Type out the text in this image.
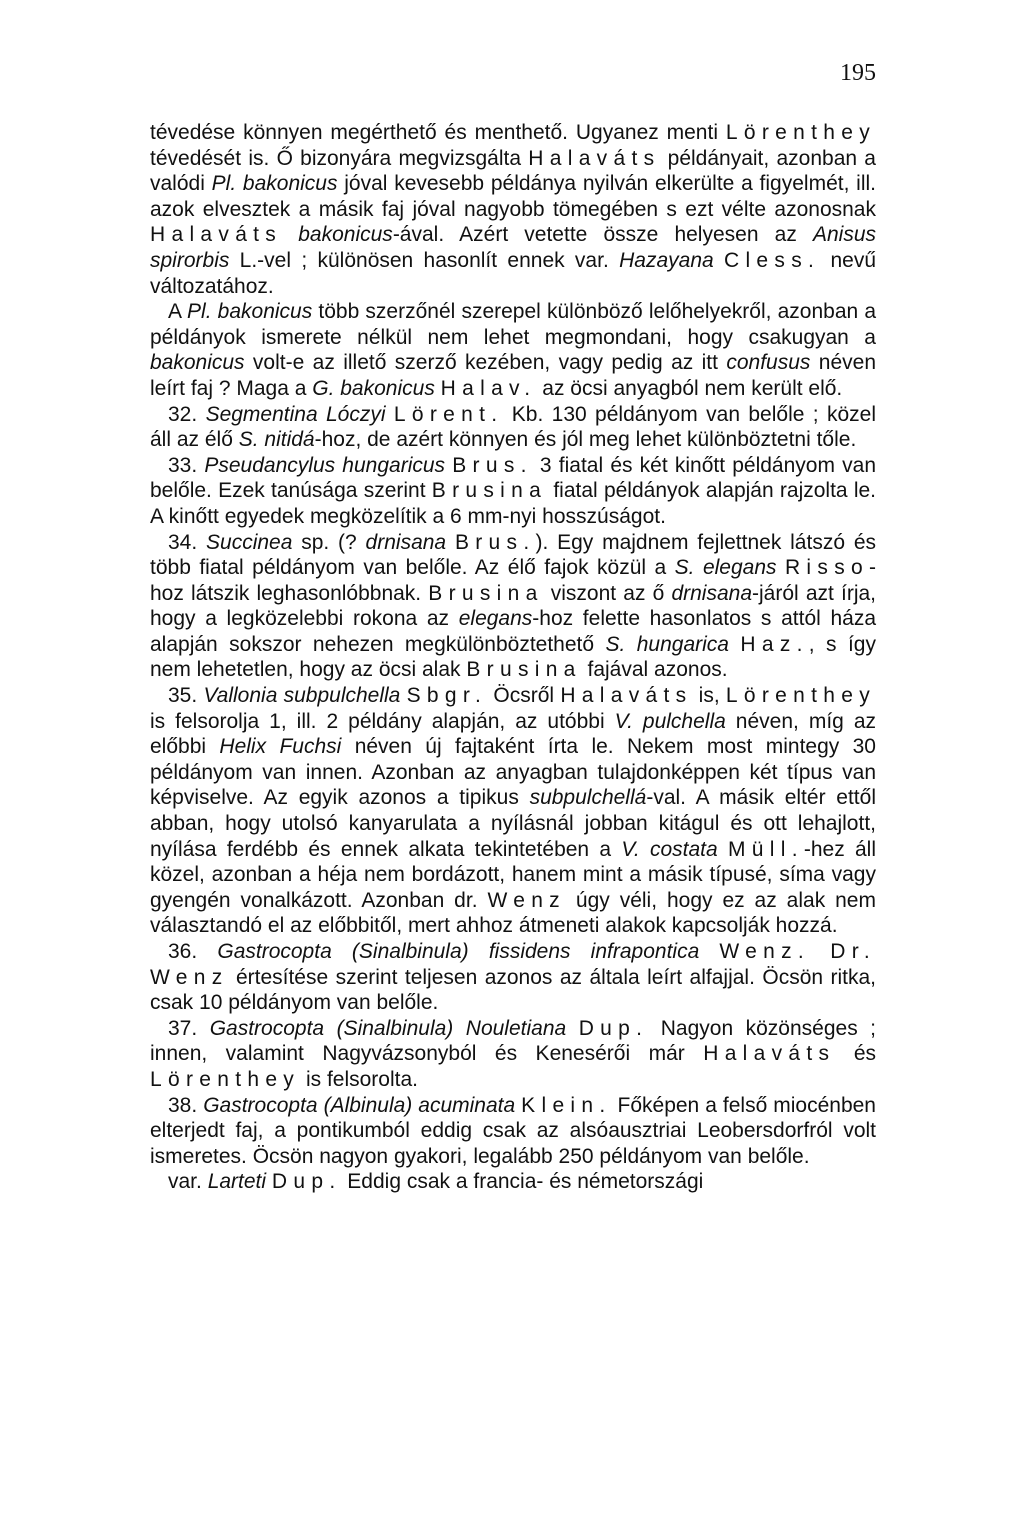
195

tévedése könnyen megérthető és menthető. Ugyanez menti Lörenthey tévedését is. Ő bizonyára megvizsgálta Halaváts példányait, azonban a valódi Pl. bakonicus jóval kevesebb példánya nyilván elkerülte a figyelmét, ill. azok elvesztek a másik faj jóval nagyobb tömegében s ezt vélte azonosnak Halaváts bakonicus-ával. Azért vetette össze helyesen az Anisus spirorbis L.-vel ; különösen hasonlít ennek var. Hazayana Cless. nevű változatához.

A Pl. bakonicus több szerzőnél szerepel különböző lelőhelyekről, azonban a példányok ismerete nélkül nem lehet megmondani, hogy csakugyan a bakonicus volt-e az illető szerző kezében, vagy pedig az itt confusus néven leírt faj ? Maga a G. bakonicus Halav. az öcsi anyagból nem került elő.

32. Segmentina Lóczyi Lörent. Kb. 130 példányom van belőle ; közel áll az élő S. nitidá-hoz, de azért könnyen és jól meg lehet különböztetni tőle.

33. Pseudancylus hungaricus Brus. 3 fiatal és két kinőtt példányom van belőle. Ezek tanúsága szerint Brusina fiatal példányok alapján rajzolta le. A kinőtt egyedek megközelítik a 6 mm-nyi hosszúságot.

34. Succinea sp. (? drnisana Brus.). Egy majdnem fejlettnek látszó és több fiatal példányom van belőle. Az élő fajok közül a S. elegans Risso-hoz látszik leghasonlóbbnak. Brusina viszont az ő drnisana-járól azt írja, hogy a legközelebbi rokona az elegans-hoz felette hasonlatos s attól háza alapján sokszor nehezen megkülönböztethető S. hungarica Haz., s így nem lehetetlen, hogy az öcsi alak Brusina fajával azonos.

35. Vallonia subpulchella Sbgr. Öcsről Halaváts is, Lörenthey is felsorolja 1, ill. 2 példány alapján, az utóbbi V. pulchella néven, míg az előbbi Helix Fuchsi néven új fajtaként írta le. Nekem most mintegy 30 példányom van innen. Azonban az anyagban tulajdonképpen két típus van képviselve. Az egyik azonos a tipikus subpulchellá-val. A másik eltér ettől abban, hogy utolsó kanyarulata a nyílásnál jobban kitágul és ott lehajlott, nyílása ferdébb és ennek alkata tekintetében a V. costata Müll.-hez áll közel, azonban a héja nem bordázott, hanem mint a másik típusé, síma vagy gyengén vonalkázott. Azonban dr. Wenz úgy véli, hogy ez az alak nem választandó el az előbbitől, mert ahhoz átmeneti alakok kapcsolják hozzá.

36. Gastrocopta (Sinalbinula) fissidens infrapontica Wenz. Dr. Wenz értesítése szerint teljesen azonos az általa leírt alfajjal. Öcsön ritka, csak 10 példányom van belőle.

37. Gastrocopta (Sinalbinula) Nouletiana Dup. Nagyon közönséges ; innen, valamint Nagyvázsonyból és Kenesérői már Halaváts és Lörenthey is felsorolta.

38. Gastrocopta (Albinula) acuminata Klein. Főképen a felső miocénben elterjedt faj, a pontikumból eddig csak az alsóausztriai Leobersdorfról volt ismeretes. Öcsön nagyon gyakori, legalább 250 példányom van belőle.

var. Larteti Dup. Eddig csak a francia- és németországi
